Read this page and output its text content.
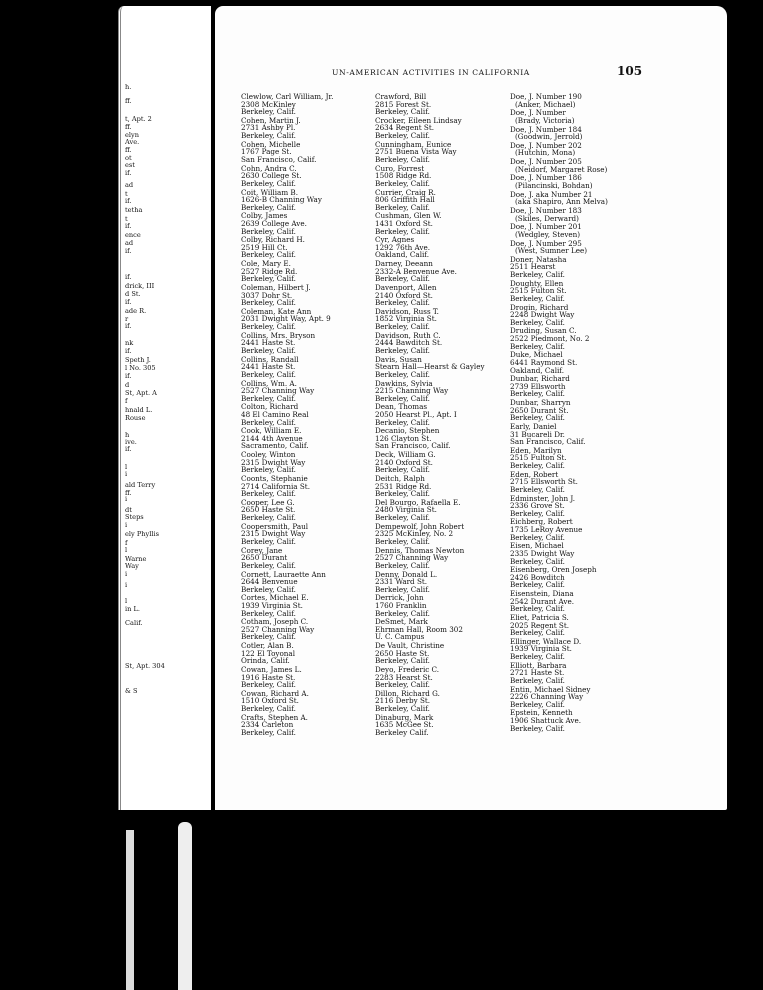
h.
ff.
t, Apt. 2
ff.
elyn
Ave.
ff.
ot
est
if.
ad
t
if.
tetha
t
if.
ence
ad
if.
if.
drick, III
d St.
if.
ade R.
r
if.
nk
if.
Speth J.
l No. 305
if.
d
St, Apt. A
f
hnald L.
Rouse
h
ive.
if.
l
i
ald Terry
ff.
i
dt
Steps
i
ely Phyllis
f
l
Warne
Way
i
i
l
in L.
Calif.
St, Apt. 304
& S
UN-AMERICAN ACTIVITIES IN CALIFORNIA	105
Clewlow, Carl William, Jr.
2308 McKinley
Berkeley, Calif.
Cohen, Martin J.
2731 Ashby Pl.
Berkeley, Calif.
Cohen, Michelle
1767 Page St.
San Francisco, Calif.
Cohn, Andra C.
2630 College St.
Berkeley, Calif.
Coit, William B.
1626-B Channing Way
Berkeley, Calif.
Colby, James
2639 College Ave.
Berkeley, Calif.
Colby, Richard H.
2519 Hill Ct.
Berkeley, Calif.
Cole, Mary E.
2527 Ridge Rd.
Berkeley, Calif.
Coleman, Hilbert J.
3037 Dohr St.
Berkeley, Calif.
Coleman, Kate Ann
2031 Dwight Way, Apt. 9
Berkeley, Calif.
Collins, Mrs. Bryson
2441 Haste St.
Berkeley, Calif.
Collins, Randall
2441 Haste St.
Berkeley, Calif.
Collins, Wm. A.
2527 Channing Way
Berkeley, Calif.
Colton, Richard
48 El Camino Real
Berkeley, Calif.
Cook, William E.
2144 4th Avenue
Sacramento, Calif.
Cooley, Winton
2315 Dwight Way
Berkeley, Calif.
Coonts, Stephanie
2714 California St.
Berkeley, Calif.
Cooper, Lee G.
2650 Haste St.
Berkeley, Calif.
Coopersmith, Paul
2315 Dwight Way
Berkeley, Calif.
Corey, Jane
2650 Durant
Berkeley, Calif.
Cornett, Lauraette Ann
2644 Benvenue
Berkeley, Calif.
Cortes, Michael E.
1939 Virginia St.
Berkeley, Calif.
Cotham, Joseph C.
2527 Channing Way
Berkeley, Calif.
Cotler, Alan B.
122 El Toyonal
Orinda, Calif.
Cowan, James L.
1916 Haste St.
Berkeley, Calif.
Cowan, Richard A.
1510 Oxford St.
Berkeley, Calif.
Crafts, Stephen A.
2334 Carleton
Berkeley, Calif.
Crawford, Bill
2815 Forest St.
Berkeley, Calif.
Crocker, Eileen Lindsay
2634 Regent St.
Berkeley, Calif.
Cunningham, Eunice
2751 Buena Vista Way
Berkeley, Calif.
Curo, Forrest
1508 Ridge Rd.
Berkeley, Calif.
Currier, Craig R.
806 Griffith Hall
Berkeley, Calif.
Cushman, Glen W.
1431 Oxford St.
Berkeley, Calif.
Cyr, Agnes
1292 76th Ave.
Oakland, Calif.
Darney, Deeann
2332-A Benvenue Ave.
Berkeley, Calif.
Davenport, Allen
2140 Oxford St.
Berkeley, Calif.
Davidson, Russ T.
1852 Virginia St.
Berkeley, Calif.
Davidson, Ruth C.
2444 Bawditch St.
Berkeley, Calif.
Davis, Susan
Stearn Hall—Hearst & Gayley
Berkeley, Calif.
Dawkins, Sylvia
2215 Channing Way
Berkeley, Calif.
Dean, Thomas
2050 Hearst Pl., Apt. I
Berkeley, Calif.
Decanio, Stephen
126 Clayton St.
San Francisco, Calif.
Deck, William G.
2140 Oxford St.
Berkeley, Calif.
Deitch, Ralph
2531 Ridge Rd.
Berkeley, Calif.
Del Bourgo, Rafaella E.
2480 Virginia St.
Berkeley, Calif.
Dempewolf, John Robert
2325 McKinley, No. 2
Berkeley, Calif.
Dennis, Thomas Newton
2527 Channing Way
Berkeley, Calif.
Denny, Donald L.
2331 Ward St.
Berkeley, Calif.
Derrick, John
1760 Franklin
Berkeley, Calif.
DeSmet, Mark
Ehrman Hall, Room 302
U. C. Campus
De Vault, Christine
2650 Haste St.
Berkeley, Calif.
Deyo, Frederic C.
2283 Hearst St.
Berkeley, Calif.
Dillon, Richard G.
2116 Derby St.
Berkeley, Calif.
Dinaburg, Mark
1635 McGee St.
Berkeley Calif.
Doe, J. Number 190
(Anker, Michael)
Doe, J. Number
(Brady, Victoria)
Doe, J. Number 184
(Goodwin, Jerrold)
Doe, J. Number 202
(Hutchin, Mona)
Doe, J. Number 205
(Neidorf, Margaret Rose)
Doe, J. Number 186
(Pilancinski, Bohdan)
Doe, J. aka Number 21
(aka Shapiro, Ann Melva)
Doe, J. Number 183
(Skiles, Derward)
Doe, J. Number 201
(Wedgley, Steven)
Doe, J. Number 295
(West, Sumner Lee)
Doner, Natasha
2511 Hearst
Berkeley, Calif.
Doughty, Ellen
2515 Fulton St.
Berkeley, Calif.
Drogin, Richard
2248 Dwight Way
Berkeley, Calif.
Druding, Susan C.
2522 Piedmont, No. 2
Berkeley, Calif.
Duke, Michael
6441 Raymond St.
Oakland, Calif.
Dunbar, Richard
2739 Ellsworth
Berkeley, Calif.
Dunbar, Sharryn
2650 Durant St.
Berkeley, Calif.
Early, Daniel
31 Bucareli Dr.
San Francisco, Calif.
Eden, Marilyn
2515 Fulton St.
Berkeley, Calif.
Eden, Robert
2715 Ellsworth St.
Berkeley, Calif.
Edminster, John J.
2336 Grove St.
Berkeley, Calif.
Eichberg, Robert
1735 LeRoy Avenue
Berkeley, Calif.
Eisen, Michael
2335 Dwight Way
Berkeley, Calif.
Eisenberg, Oren Joseph
2426 Bowditch
Berkeley, Calif.
Eisenstein, Diana
2542 Durant Ave.
Berkeley, Calif.
Eliet, Patricia S.
2025 Regent St.
Berkeley, Calif.
Ellinger, Wallace D.
1939 Virginia St.
Berkeley, Calif.
Elliott, Barbara
2721 Haste St.
Berkeley, Calif.
Entin, Michael Sidney
2226 Channing Way
Berkeley, Calif.
Epstein, Kenneth
1906 Shattuck Ave.
Berkeley, Calif.
